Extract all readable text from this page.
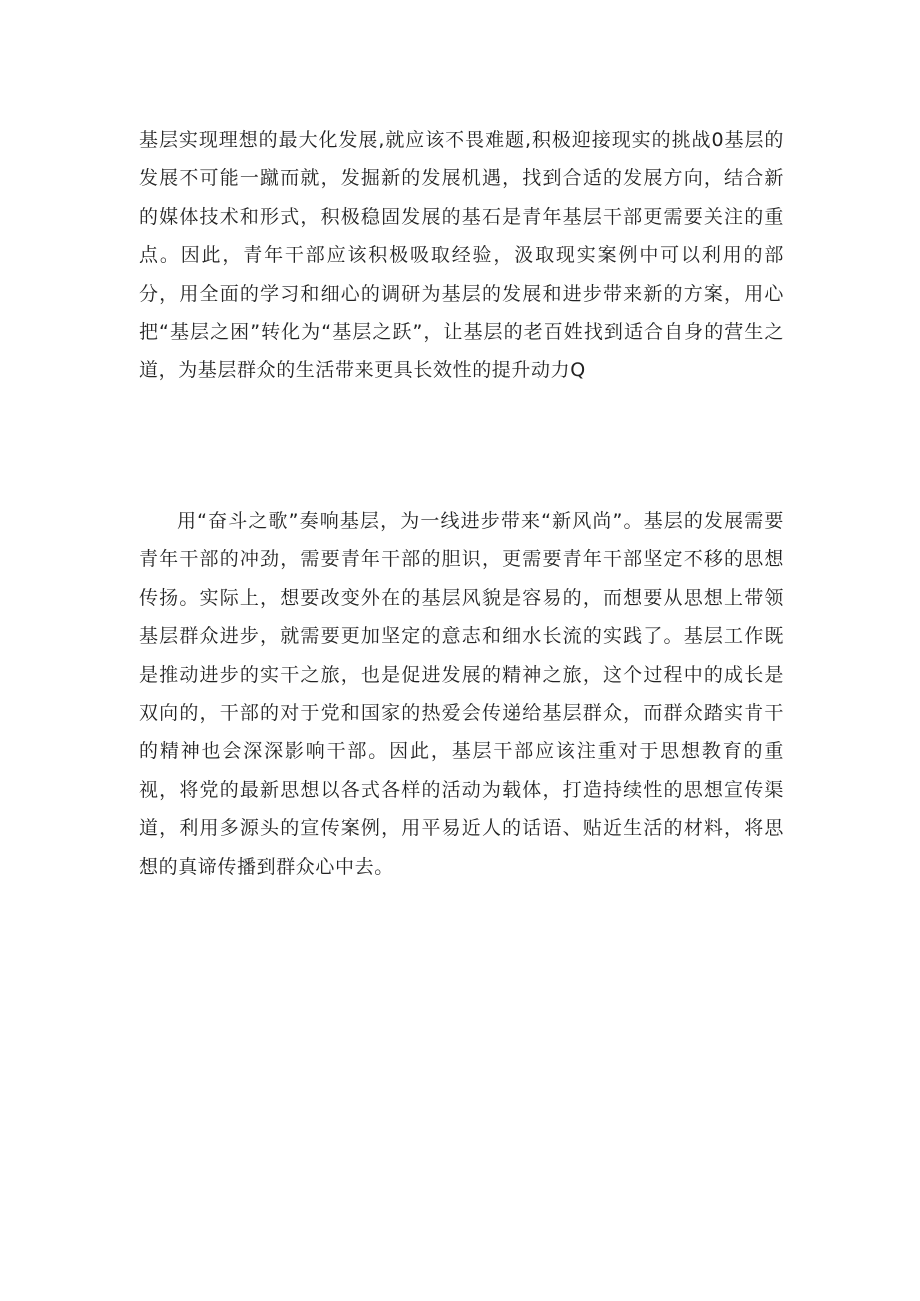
基层实现理想的最大化发展,就应该不畏难题,积极迎接现实的挑战0基层的发展不可能一蹴而就，发掘新的发展机遇，找到合适的发展方向，结合新的媒体技术和形式，积极稳固发展的基石是青年基层干部更需要关注的重点。因此，青年干部应该积极吸取经验，汲取现实案例中可以利用的部分，用全面的学习和细心的调研为基层的发展和进步带来新的方案，用心把“基层之困”转化为“基层之跃”，让基层的老百姓找到适合自身的营生之道，为基层群众的生活带来更具长效性的提升动力Q

用“奋斗之歌”奏响基层，为一线进步带来“新风尚”。基层的发展需要青年干部的冲劲，需要青年干部的胆识，更需要青年干部坚定不移的思想传扬。实际上，想要改变外在的基层风貌是容易的，而想要从思想上带领基层群众进步，就需要更加坚定的意志和细水长流的实践了。基层工作既是推动进步的实干之旅，也是促进发展的精神之旅，这个过程中的成长是双向的，干部的对于党和国家的热爱会传递给基层群众，而群众踏实肯干的精神也会深深影响干部。因此，基层干部应该注重对于思想教育的重视，将党的最新思想以各式各样的活动为载体，打造持续性的思想宣传渠道，利用多源头的宣传案例，用平易近人的话语、贴近生活的材料，将思想的真谛传播到群众心中去。
